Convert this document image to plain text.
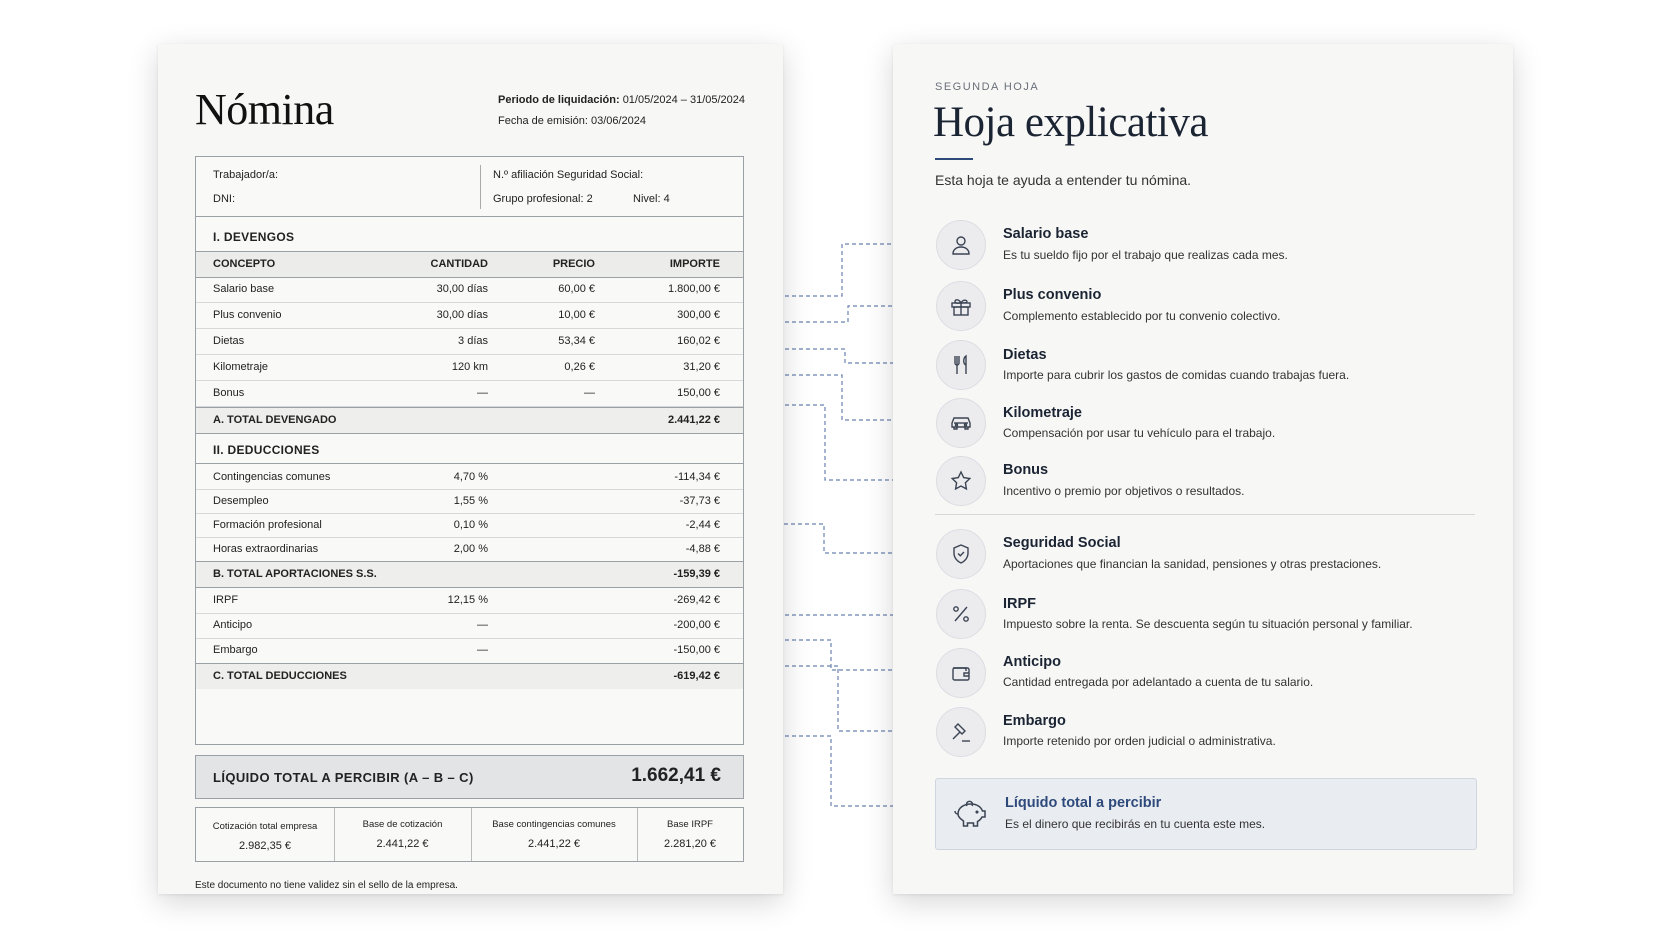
Nómina	Periodo de liquidación: 01/05/2024 – 31/05/2024
Fecha de emisión: 03/06/2024
Trabajador/a:
DNI:
N.º afiliación Seguridad Social:
Grupo profesional: 2	Nivel: 4
I. DEVENGOS
CONCEPTO	CANTIDAD	PRECIO	IMPORTE
Salario base	30,00 días	60,00 €	1.800,00 €
Plus convenio	30,00 días	10,00 €	300,00 €
Dietas	3 días	53,34 €	160,02 €
Kilometraje	120 km	0,26 €	31,20 €
Bonus	—	—	150,00 €
A. TOTAL DEVENGADO	2.441,22 €
II. DEDUCCIONES
Contingencias comunes	4,70 %	-114,34 €
Desempleo	1,55 %	-37,73 €
Formación profesional	0,10 %	-2,44 €
Horas extraordinarias	2,00 %	-4,88 €
B. TOTAL APORTACIONES S.S.	-159,39 €
IRPF	12,15 %	-269,42 €
Anticipo	—	-200,00 €
Embargo	—	-150,00 €
C. TOTAL DEDUCCIONES	-619,42 €
LÍQUIDO TOTAL A PERCIBIR (A – B – C)	1.662,41 €
Cotización total empresa
2.982,35 €
Base de cotización
2.441,22 €
Base contingencias comunes
2.441,22 €
Base IRPF
2.281,20 €
Este documento no tiene validez sin el sello de la empresa.
SEGUNDA HOJA
Hoja explicativa
Esta hoja te ayuda a entender tu nómina.
Salario base
Es tu sueldo fijo por el trabajo que realizas cada mes.
Plus convenio
Complemento establecido por tu convenio colectivo.
Dietas
Importe para cubrir los gastos de comidas cuando trabajas fuera.
Kilometraje
Compensación por usar tu vehículo para el trabajo.
Bonus
Incentivo o premio por objetivos o resultados.
Seguridad Social
Aportaciones que financian la sanidad, pensiones y otras prestaciones.
IRPF
Impuesto sobre la renta. Se descuenta según tu situación personal y familiar.
Anticipo
Cantidad entregada por adelantado a cuenta de tu salario.
Embargo
Importe retenido por orden judicial o administrativa.
Líquido total a percibir
Es el dinero que recibirás en tu cuenta este mes.
